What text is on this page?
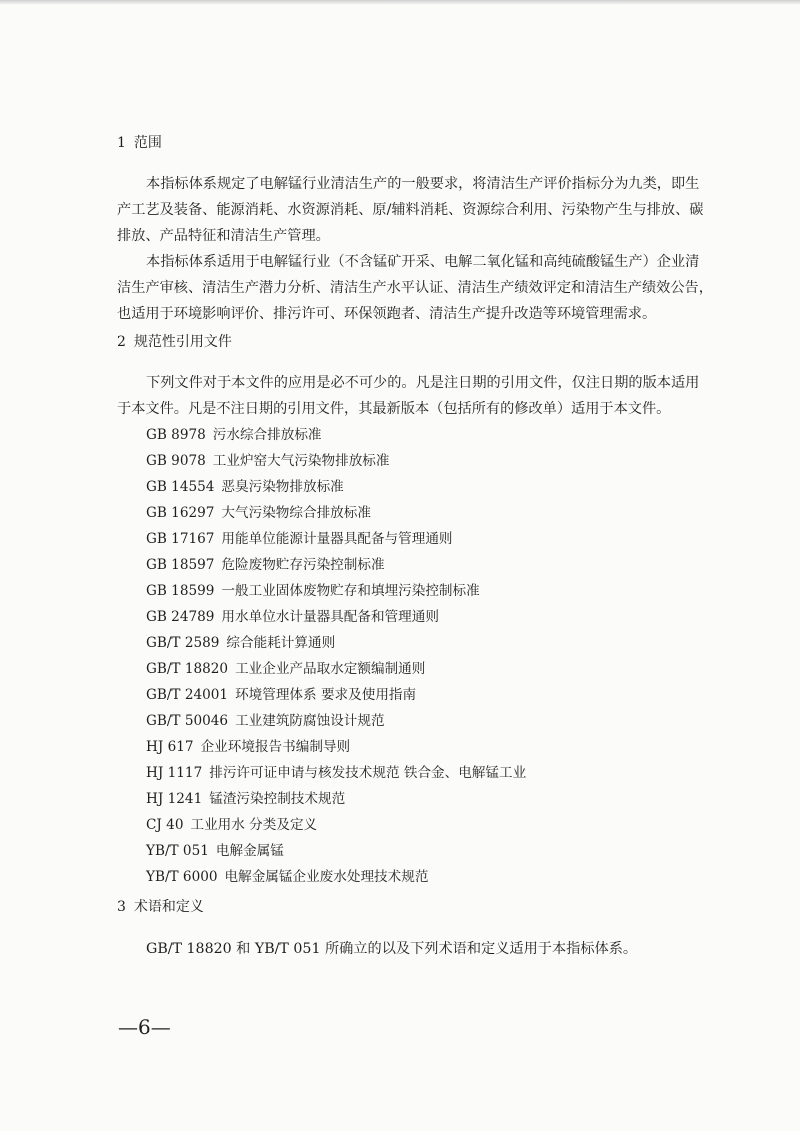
1 范围
本指标体系规定了电解锰行业清洁生产的一般要求，将清洁生产评价指标分为九类，即生
产工艺及装备、能源消耗、水资源消耗、原/辅料消耗、资源综合利用、污染物产生与排放、碳
排放、产品特征和清洁生产管理。
本指标体系适用于电解锰行业（不含锰矿开采、电解二氧化锰和高纯硫酸锰生产）企业清
洁生产审核、清洁生产潜力分析、清洁生产水平认证、清洁生产绩效评定和清洁生产绩效公告，
也适用于环境影响评价、排污许可、环保领跑者、清洁生产提升改造等环境管理需求。
2 规范性引用文件
下列文件对于本文件的应用是必不可少的。凡是注日期的引用文件，仅注日期的版本适用
于本文件。凡是不注日期的引用文件，其最新版本（包括所有的修改单）适用于本文件。
GB 8978 污水综合排放标准
GB 9078 工业炉窑大气污染物排放标准
GB 14554 恶臭污染物排放标准
GB 16297 大气污染物综合排放标准
GB 17167 用能单位能源计量器具配备与管理通则
GB 18597 危险废物贮存污染控制标准
GB 18599 一般工业固体废物贮存和填埋污染控制标准
GB 24789 用水单位水计量器具配备和管理通则
GB/T 2589 综合能耗计算通则
GB/T 18820 工业企业产品取水定额编制通则
GB/T 24001 环境管理体系 要求及使用指南
GB/T 50046 工业建筑防腐蚀设计规范
HJ 617 企业环境报告书编制导则
HJ 1117 排污许可证申请与核发技术规范 铁合金、电解锰工业
HJ 1241 锰渣污染控制技术规范
CJ 40 工业用水 分类及定义
YB/T 051 电解金属锰
YB/T 6000 电解金属锰企业废水处理技术规范
3 术语和定义
GB/T 18820 和 YB/T 051 所确立的以及下列术语和定义适用于本指标体系。
—6—
